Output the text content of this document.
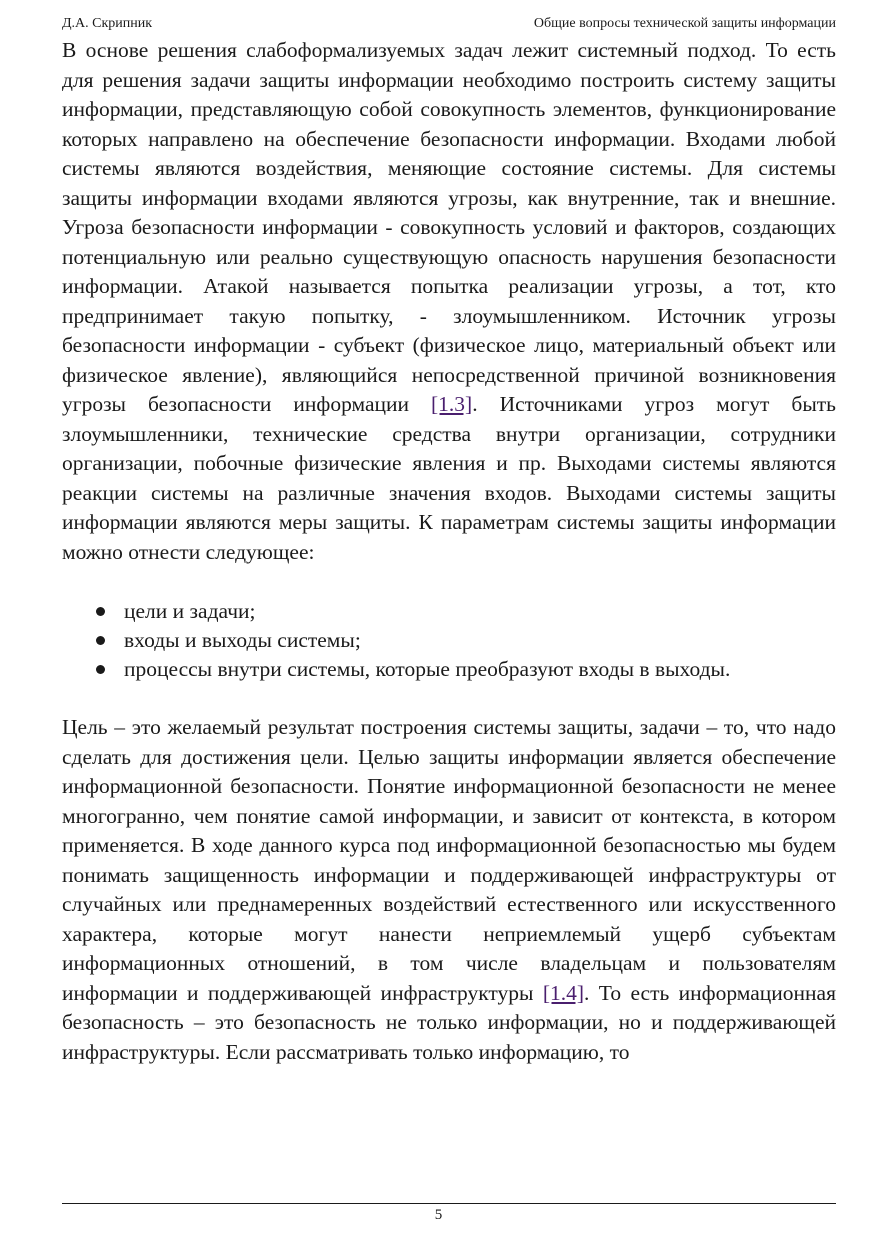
Д.А. Скрипник	Общие вопросы технической защиты информации

В основе решения слабоформализуемых задач лежит системный подход. То есть для решения задачи защиты информации необходимо построить систему защиты информации, представляющую собой совокупность элементов, функционирование которых направлено на обеспечение безопасности информации. Входами любой системы являются воздействия, меняющие состояние системы. Для системы защиты информации входами являются угрозы, как внутренние, так и внешние. Угроза безопасности информации - совокупность условий и факторов, создающих потенциальную или реально существующую опасность нарушения безопасности информации. Атакой называется попытка реализации угрозы, а тот, кто предпринимает такую попытку, - злоумышленником. Источник угрозы безопасности информации - субъект (физическое лицо, материальный объект или физическое явление), являющийся непосредственной причиной возникновения угрозы безопасности информации [1.3]. Источниками угроз могут быть злоумышленники, технические средства внутри организации, сотрудники организации, побочные физические явления и пр. Выходами системы являются реакции системы на различные значения входов. Выходами системы защиты информации являются меры защиты. К параметрам системы защиты информации можно отнести следующее:

цели и задачи;
входы и выходы системы;
процессы внутри системы, которые преобразуют входы в выходы.

Цель – это желаемый результат построения системы защиты, задачи – то, что надо сделать для достижения цели. Целью защиты информации является обеспечение информационной безопасности. Понятие информационной безопасности не менее многогранно, чем понятие самой информации, и зависит от контекста, в котором применяется. В ходе данного курса под информационной безопасностью мы будем понимать защищенность информации и поддерживающей инфраструктуры от случайных или преднамеренных воздействий естественного или искусственного характера, которые могут нанести неприемлемый ущерб субъектам информационных отношений, в том числе владельцам и пользователям информации и поддерживающей инфраструктуры [1.4]. То есть информационная безопасность – это безопасность не только информации, но и поддерживающей инфраструктуры. Если рассматривать только информацию, то

5
